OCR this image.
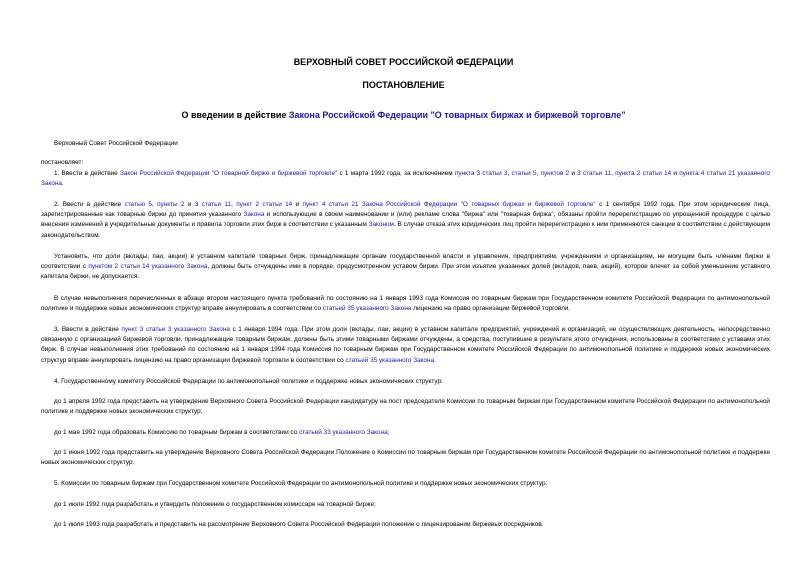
ВЕРХОВНЫЙ СОВЕТ РОССИЙСКОЙ ФЕДЕРАЦИИ
ПОСТАНОВЛЕНИЕ
О введении в действие Закона Российской Федерации "О товарных биржах и биржевой торговле"
Верховный Совет Российской Федерации
постановляет:
1. Ввести в действие Закон Российской Федерации "О товарной бирже и биржевой торговле" с 1 марта 1992 года, за исключением пункта 3 статьи 3, статьи 5, пунктов 2 и 3 статьи 11, пункта 2 статьи 14 и пункта 4 статьи 21 указанного Закона.
2. Ввести в действие статью 5, пункты 2 и 3 статьи 11, пункт 2 статьи 14 и пункт 4 статьи 21 Закона Российской Федерации "О товарных биржах и биржевой торговле" с 1 сентября 1992 года. При этом юридические лица, зарегистрированные как товарные биржи до принятия указанного Закона и использующие в своем наименовании и (или) рекламе слова "биржа" или "товарная биржа", обязаны пройти перерегистрацию по упрощенной процедуре с целью внесения изменений в учредительные документы и правила торговли этих бирж в соответствии с указанным Законом. В случае отказа этих юридических лиц пройти перерегистрацию к ним применяются санкции в соответствии с действующим законодательством.
Установить, что доли (вклады, паи, акции) в уставном капитале товарных бирж, принадлежащие органам государственной власти и управления, предприятиям, учреждениям и организациям, не могущим быть членами биржи в соответствии с пунктом 2 статьи 14 указанного Закона, должны быть отчуждены ими в порядке, предусмотренном уставом биржи. При этом изъятие указанных долей (вкладов, паев, акций), которое влечет за собой уменьшение уставного капитала биржи, не допускается.
В случае невыполнения перечисленных в абзаце втором настоящего пункта требований по состоянию на 1 января 1993 года Комиссия по товарным биржам при Государственном комитете Российской Федерации по антимонопольной политике и поддержке новых экономических структур вправе аннулировать в соответствии со статьей 35 указанного Закона лицензию на право организации биржевой торговли.
3. Ввести в действие пункт 3 статьи 3 указанного Закона с 1 января 1994 года. При этом доли (вклады, паи, акции) в уставном капитале предприятий, учреждений и организаций, не осуществляющих деятельность, непосредственно связанную с организацией биржевой торговли, принадлежащие товарным биржам, должны быть этими товарными биржами отчуждены, а средства, поступившие в результате этого отчуждения, использованы в соответствии с уставами этих бирж. В случае невыполнения этих требований по состоянию на 1 января 1994 года Комиссия по товарным биржам при Государственном комитете Российской Федерации по антимонопольной политике и поддержке новых экономических структур вправе аннулировать лицензию на право организации биржевой торговли в соответствии со статьей 35 указанного Закона.
4. Государственному комитету Российской Федерации по антимонопольной политике и поддержке новых экономических структур:
до 1 апреля 1992 года представить на утверждение Верховного Совета Российской Федерации кандидатуру на пост председателя Комиссии по товарным биржам при Государственном комитете Российской Федерации по антимонопольной политике и поддержке новых экономических структур;
до 1 мая 1992 года образовать Комиссию по товарным биржам в соответствии со статьей 33 указанного Закона;
до 1 июня 1992 года представить на утверждение Верховного Совета Российской Федерации Положение о Комиссии по товарным биржам при Государственном комитете Российской Федерации по антимонопольной политике и поддержке новых экономических структур.
5. Комиссии по товарным биржам при Государственном комитете Российской Федерации по антимонопольной политике и поддержке новых экономических структур:
до 1 июля 1992 года разработать и утвердить положение о государственном комиссаре на товарной бирже;
до 1 июля 1993 года разработать и представить на рассмотрение Верховного Совета Российской Федерации положение о лицензировании биржевых посредников.
